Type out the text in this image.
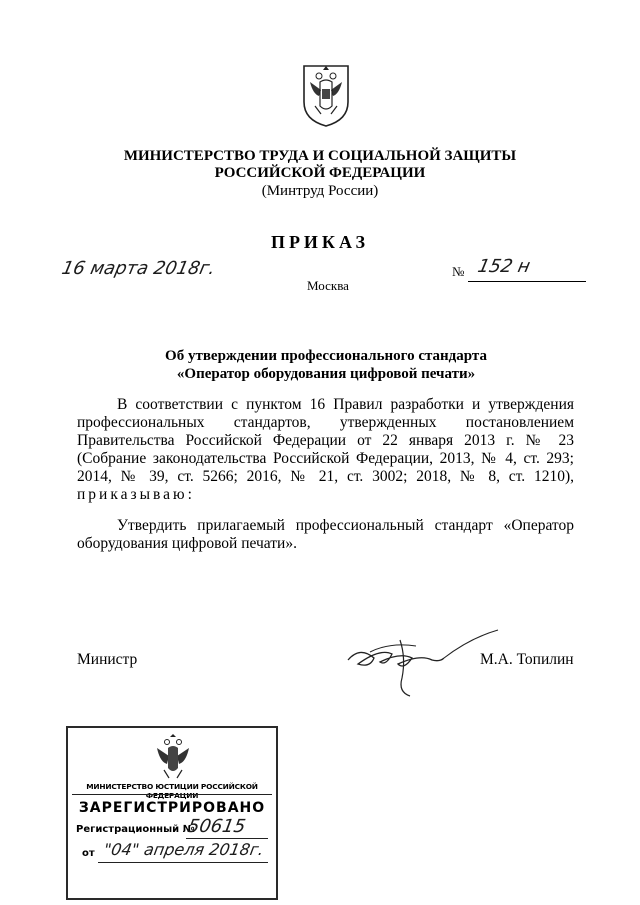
МИНИСТЕРСТВО ТРУДА И СОЦИАЛЬНОЙ ЗАЩИТЫ
РОССИЙСКОЙ ФЕДЕРАЦИИ
(Минтруд России)
ПРИКАЗ
16 марта 2018г.	№ 152 н
Москва
Об утверждении профессионального стандарта
«Оператор оборудования цифровой печати»
В соответствии с пунктом 16 Правил разработки и утверждения профессиональных стандартов, утвержденных постановлением Правительства Российской Федерации от 22 января 2013 г. № 23 (Собрание законодательства Российской Федерации, 2013, № 4, ст. 293; 2014, № 39, ст. 5266; 2016, № 21, ст. 3002; 2018, № 8, ст. 1210), приказываю:
Утвердить прилагаемый профессиональный стандарт «Оператор оборудования цифровой печати».
Министр	М.А. Топилин
МИНИСТЕРСТВО ЮСТИЦИИ РОССИЙСКОЙ ФЕДЕРАЦИИ
ЗАРЕГИСТРИРОВАНО
Регистрационный №
50615
от "04" апреля 2018г.
